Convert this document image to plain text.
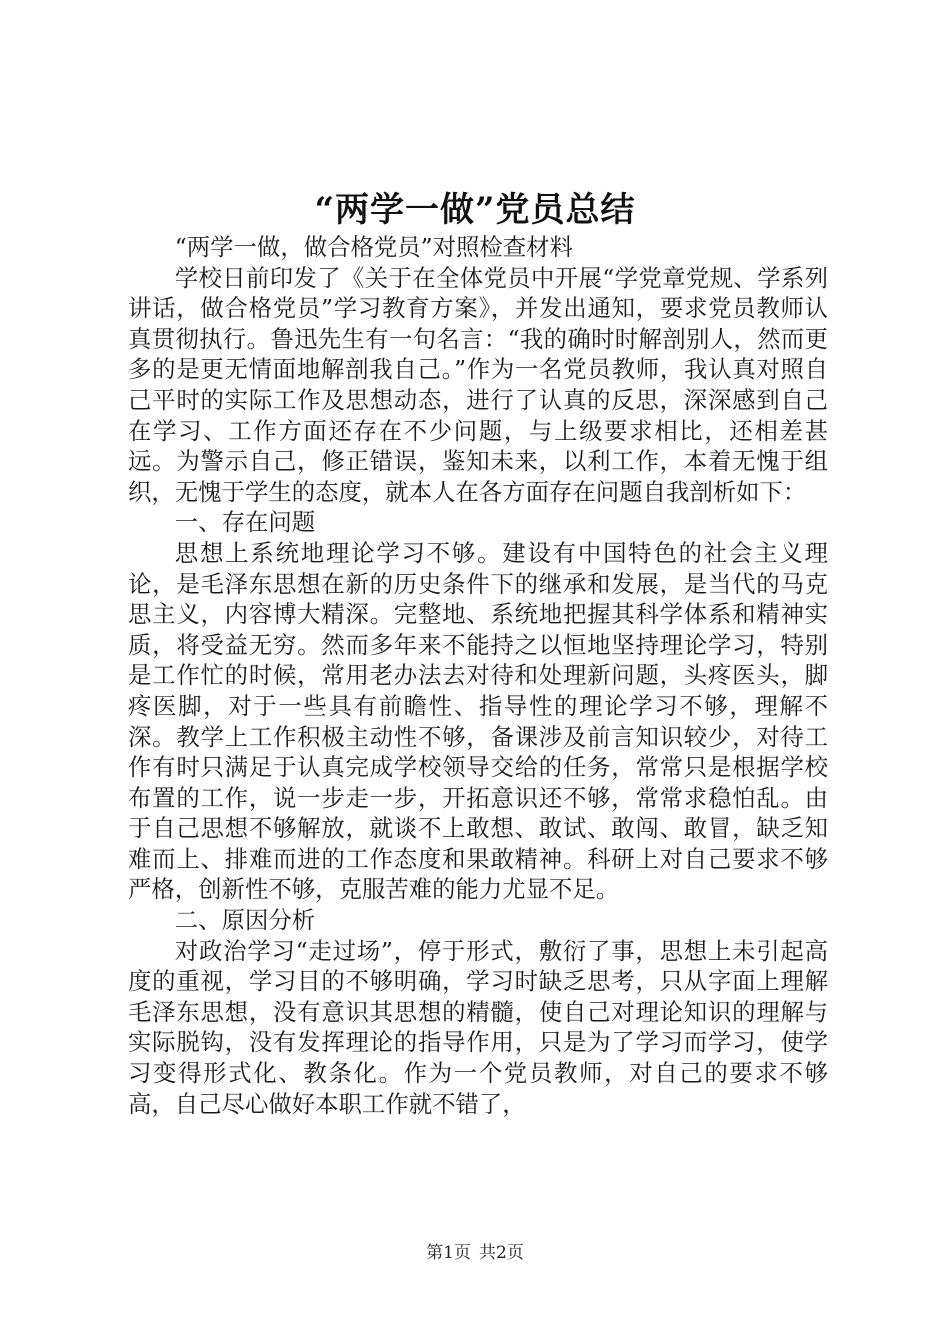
“两学一做”党员总结

“两学一做，做合格党员”对照检查材料

学校日前印发了《关于在全体党员中开展“学党章党规、学系列讲话，做合格党员”学习教育方案》，并发出通知，要求党员教师认真贯彻执行。鲁迅先生有一句名言：“我的确时时解剖别人，然而更多的是更无情面地解剖我自己。”作为一名党员教师，我认真对照自己平时的实际工作及思想动态，进行了认真的反思，深深感到自己在学习、工作方面还存在不少问题，与上级要求相比，还相差甚远。为警示自己，修正错误，鉴知未来，以利工作，本着无愧于组织，无愧于学生的态度，就本人在各方面存在问题自我剖析如下：

一、存在问题

思想上系统地理论学习不够。建设有中国特色的社会主义理论，是毛泽东思想在新的历史条件下的继承和发展，是当代的马克思主义，内容博大精深。完整地、系统地把握其科学体系和精神实质，将受益无穷。然而多年来不能持之以恒地坚持理论学习，特别是工作忙的时候，常用老办法去对待和处理新问题，头疼医头，脚疼医脚，对于一些具有前瞻性、指导性的理论学习不够，理解不深。教学上工作积极主动性不够，备课涉及前言知识较少，对待工作有时只满足于认真完成学校领导交给的任务，常常只是根据学校布置的工作，说一步走一步，开拓意识还不够，常常求稳怕乱。由于自己思想不够解放，就谈不上敢想、敢试、敢闯、敢冒，缺乏知难而上、排难而进的工作态度和果敢精神。科研上对自己要求不够严格，创新性不够，克服苦难的能力尤显不足。

二、原因分析

对政治学习“走过场”，停于形式，敷衍了事，思想上未引起高度的重视，学习目的不够明确，学习时缺乏思考，只从字面上理解毛泽东思想，没有意识其思想的精髓，使自己对理论知识的理解与实际脱钩，没有发挥理论的指导作用，只是为了学习而学习，使学习变得形式化、教条化。作为一个党员教师，对自己的要求不够高，自己尽心做好本职工作就不错了，

第1页 共2页
